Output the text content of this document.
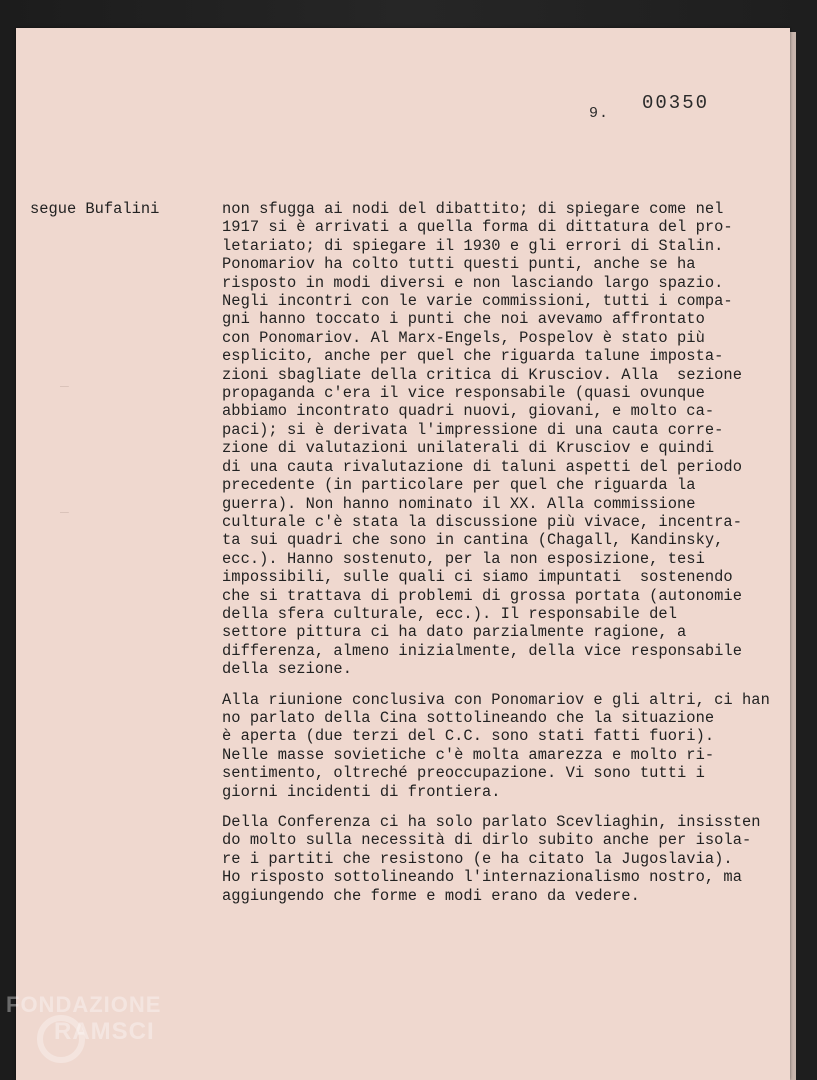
9. 00350
segue Bufalini

	non sfugga ai nodi del dibattito; di spiegare come nel
1917 si è arrivati a quella forma di dittatura del pro-
letariato; di spiegare il 1930 e gli errori di Stalin.
Ponomariov ha colto tutti questi punti, anche se ha
risposto in modi diversi e non lasciando largo spazio.
Negli incontri con le varie commissioni, tutti i compa-
gni hanno toccato i punti che noi avevamo affrontato
con Ponomariov. Al Marx-Engels, Pospelov è stato più
esplicito, anche per quel che riguarda talune imposta-
zioni sbagliate della critica di Krusciov. Alla  sezione
propaganda c'era il vice responsabile (quasi ovunque
abbiamo incontrato quadri nuovi, giovani, e molto ca-
paci); si è derivata l'impressione di una cauta corre-
zione di valutazioni unilaterali di Krusciov e quindi
di una cauta rivalutazione di taluni aspetti del periodo
precedente (in particolare per quel che riguarda la
guerra). Non hanno nominato il XX. Alla commissione
culturale c'è stata la discussione più vivace, incentra-
ta sui quadri che sono in cantina (Chagall, Kandinsky,
ecc.). Hanno sostenuto, per la non esposizione, tesi
impossibili, sulle quali ci siamo impuntati  sostenendo
che si trattava di problemi di grossa portata (autonomie
della sfera culturale, ecc.). Il responsabile del
settore pittura ci ha dato parzialmente ragione, a
differenza, almeno inizialmente, della vice responsabile
della sezione.
Alla riunione conclusiva con Ponomariov e gli altri, ci han
no parlato della Cina sottolineando che la situazione
è aperta (due terzi del C.C. sono stati fatti fuori).
Nelle masse sovietiche c'è molta amarezza e molto ri-
sentimento, oltreché preoccupazione. Vi sono tutti i
giorni incidenti di frontiera.
Della Conferenza ci ha solo parlato Scevliaghin, insissten
do molto sulla necessità di dirlo subito anche per isola-
re i partiti che resistono (e ha citato la Jugoslavia).
Ho risposto sottolineando l'internazionalismo nostro, ma
aggiungendo che forme e modi erano da vedere.
FONDAZIONE
RAMSCI
